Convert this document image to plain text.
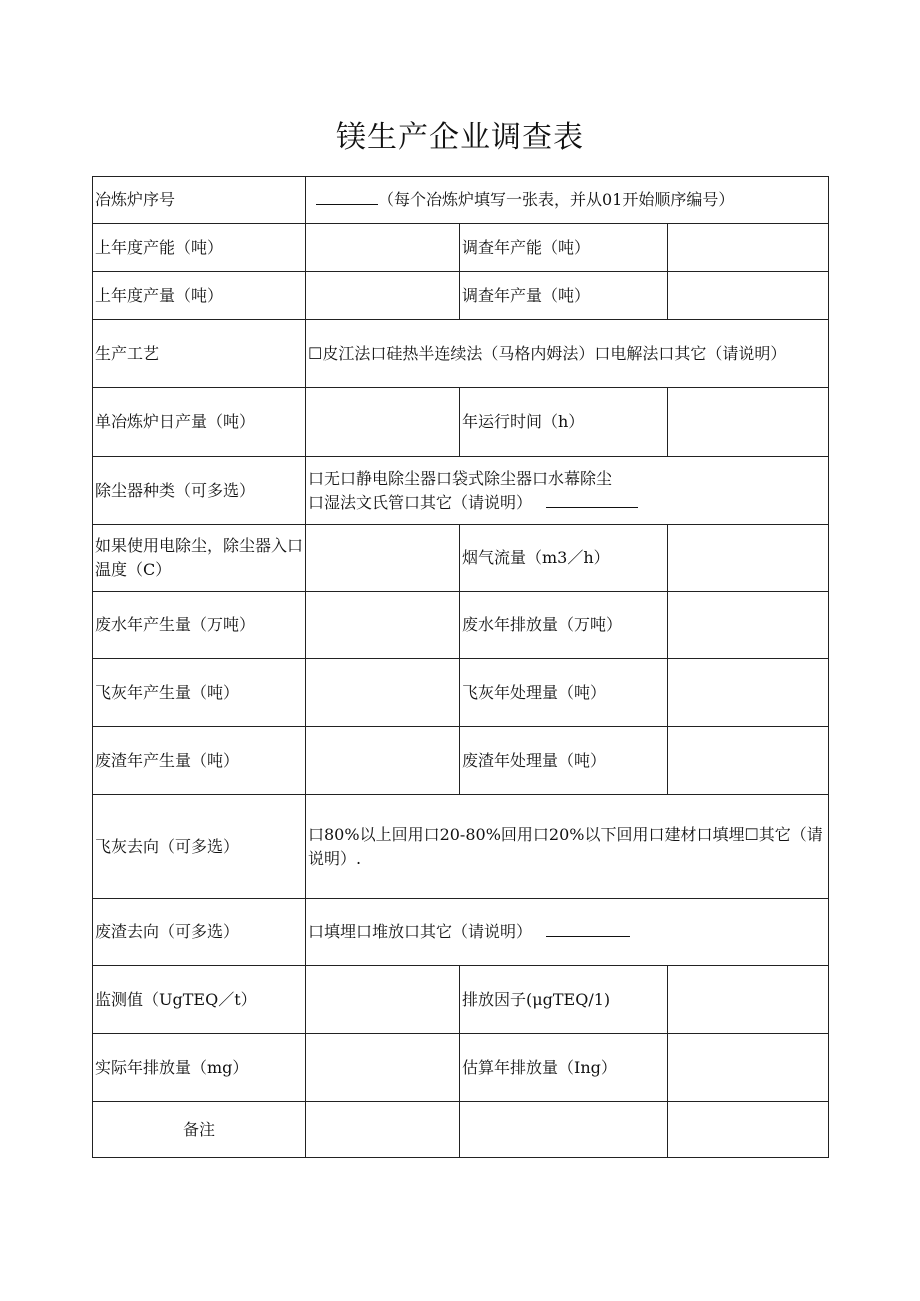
镁生产企业调查表
冶炼炉序号	（每个冶炼炉填写一张表，并从01开始顺序编号）		
上年度产能（吨）		调查年产能（吨）	
上年度产量（吨）		调查年产量（吨）	
生产工艺	☐皮江法口硅热半连续法（马格内姆法）口电解法口其它（请说明）		
单冶炼炉日产量（吨）		年运行时间（h）	
除尘器种类（可多选）	口无口静电除尘器口袋式除尘器口水幕除尘
口湿法文氏管口其它（请说明）		

如果使用电除尘，除尘器入口温度（C）		烟气流量（m3／h）	
废水年产生量（万吨）		废水年排放量（万吨）	
飞灰年产生量（吨）		飞灰年处理量（吨）	
废渣年产生量（吨）		废渣年处理量（吨）	
飞灰去向（可多选）	口80%以上回用口20-80%回用口20%以下回用口建材口填埋☐其它（请说明）.		
废渣去向（可多选）	口填埋口堆放口其它（请说明）		
监测值（UgTEQ／t）		排放因子(μgTEQ/1)	
实际年排放量（mg）		估算年排放量（Ing）	
备注			
